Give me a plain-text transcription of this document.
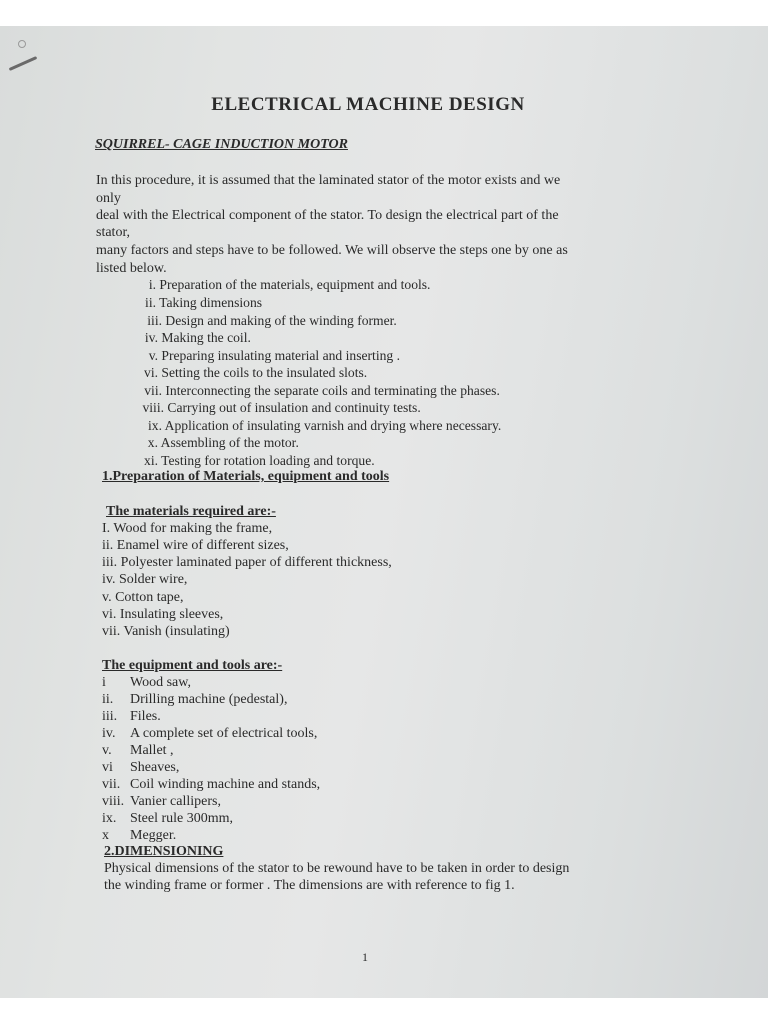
ELECTRICAL MACHINE DESIGN
SQUIRREL- CAGE INDUCTION MOTOR
In this procedure, it is assumed that the laminated stator of the motor exists and we
only
deal with the Electrical component of the stator. To design the electrical part of the
stator,
many factors and steps have to be followed. We will observe the steps one by one as
listed below.
i. Preparation of the materials, equipment and tools.
ii. Taking dimensions
iii. Design and making of the winding former.
iv. Making the coil.
v. Preparing insulating material and inserting .
vi. Setting the coils to the insulated slots.
vii. Interconnecting the separate coils and terminating the phases.
viii. Carrying out of insulation and continuity tests.
ix. Application of insulating varnish and drying where necessary.
x. Assembling of the motor.
xi. Testing for rotation loading and torque.
1.Preparation of Materials, equipment and tools
The materials required are:-
I. Wood for making the frame,
ii. Enamel wire of different sizes,
iii. Polyester laminated paper of different thickness,
iv. Solder wire,
v. Cotton tape,
vi. Insulating sleeves,
vii. Vanish (insulating)
The equipment and tools are:-
i Wood saw,
ii. Drilling machine (pedestal),
iii. Files.
iv. A complete set of electrical tools,
v. Mallet ,
vi Sheaves,
vii. Coil winding machine and stands,
viii. Vanier callipers,
ix. Steel rule 300mm,
x Megger.
2.DIMENSIONING
Physical dimensions of the stator to be rewound have to be taken in order to design
the winding frame or former . The dimensions are with reference to fig 1.
1
